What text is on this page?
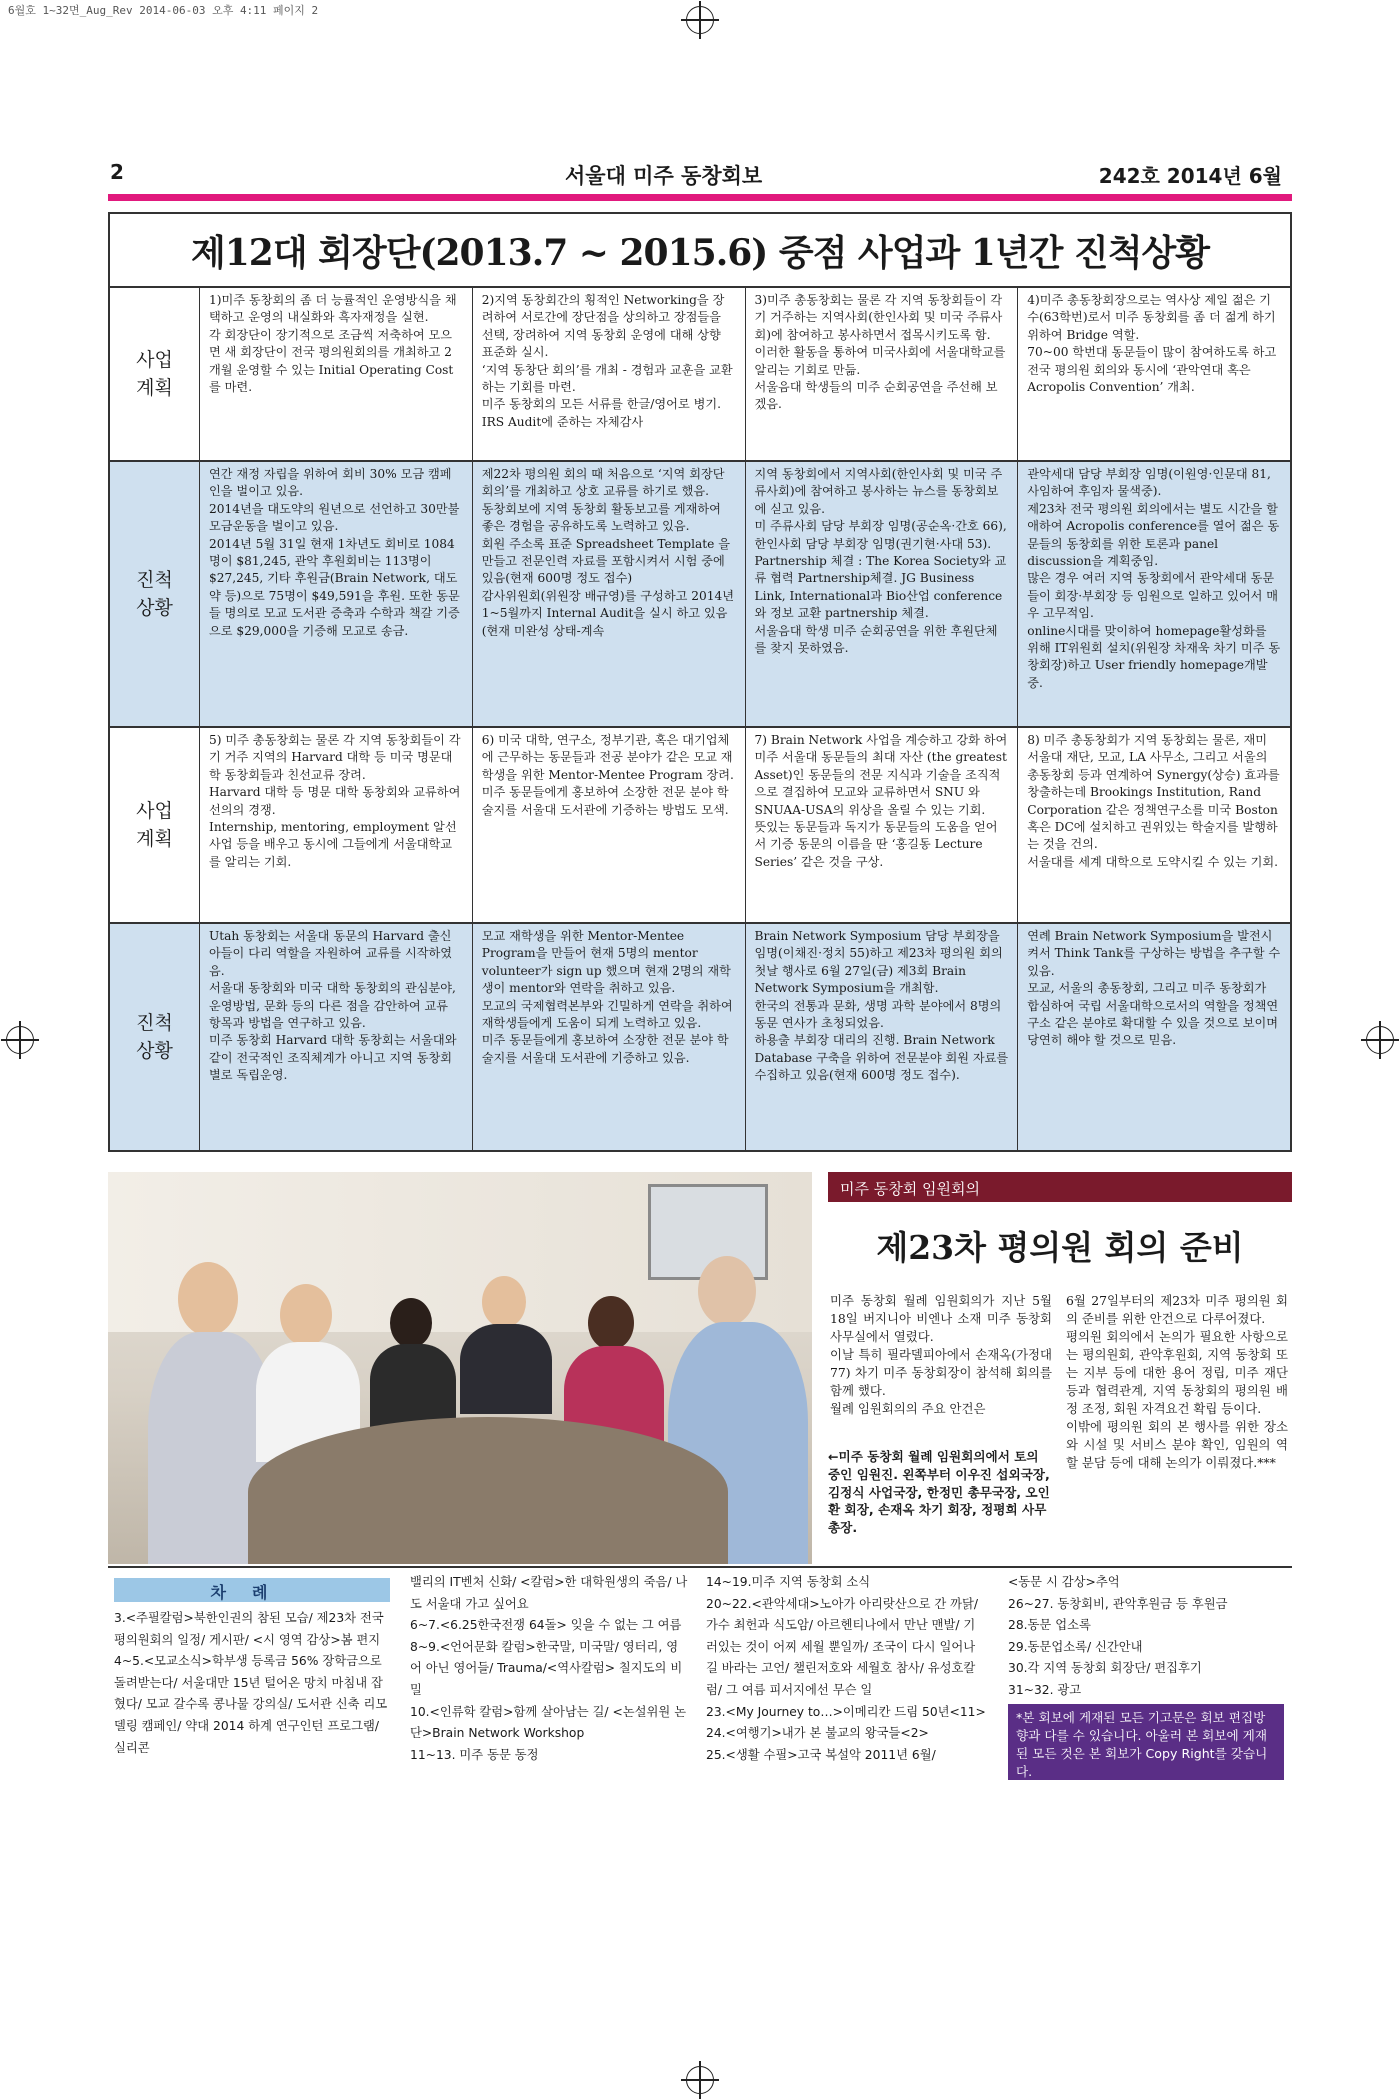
6월호 1~32면_Aug_Rev 2014-06-03 오후 4:11 페이지 2
2	서울대 미주 동창회보	242호 2014년 6월
제12대 회장단(2013.7 ~ 2015.6) 중점 사업과 1년간 진척상황
사업
계획
1)미주 동창회의 좀 더 능률적인 운영방식을 채택하고 운영의 내실화와 흑자재정을 실현.
각 회장단이 장기적으로 조금씩 저축하여 모으면 새 회장단이 전국 평의원회의를 개최하고 2개월 운영할 수 있는 Initial Operating Cost를 마련.
2)지역 동창회간의 횡적인 Networking을 장려하여 서로간에 장단점을 상의하고 장점들을 선택, 장려하여 지역 동창회 운영에 대해 상향 표준화 실시.
‘지역 동창단 회의’를 개최 - 경험과 교훈을 교환하는 기회를 마련.
미주 동창회의 모든 서류를 한글/영어로 병기. IRS Audit에 준하는 자체감사
3)미주 총동창회는 물론 각 지역 동창회들이 각기 거주하는 지역사회(한인사회 및 미국 주류사회)에 참여하고 봉사하면서 접목시키도록 함.
이러한 활동을 통하여 미국사회에 서울대학교를 알리는 기회로 만듦.
서울음대 학생들의 미주 순회공연을 주선해 보겠음.
4)미주 총동창회장으로는 역사상 제일 젊은 기수(63학번)로서 미주 동창회를 좀 더 젊게 하기 위하여 Bridge 역할.
70~00 학번대 동문들이 많이 참여하도록 하고 전국 평의원 회의와 동시에 ‘관악연대 혹은 Acropolis Convention’ 개최.
진척
상황
연간 재정 자립을 위하여 회비 30% 모금 캠페인을 벌이고 있음.
2014년을 대도약의 원년으로 선언하고 30만불 모금운동을 벌이고 있음.
2014년 5월 31일 현재 1차년도 회비로 1084명이 $81,245, 관악 후원회비는 113명이 $27,245, 기타 후원금(Brain Network, 대도약 등)으로 75명이 $49,591을 후원. 또한 동문들 명의로 모교 도서관 증축과 수학과 책갈 기증으로 $29,000을 기증해 모교로 송금.
제22차 평의원 회의 때 처음으로 ‘지역 회장단 회의’를 개최하고 상호 교류를 하기로 했음.
동창회보에 지역 동창회 활동보고를 게재하여 좋은 경험을 공유하도록 노력하고 있음.
회원 주소록 표준 Spreadsheet Template 을 만들고 전문인력 자료를 포함시켜서 시험 중에 있음(현재 600명 정도 접수)
감사위원회(위원장 배규영)를 구성하고 2014년 1~5월까지 Internal Audit을 실시 하고 있음(현재 미완성 상태-계속
지역 동창회에서 지역사회(한인사회 및 미국 주류사회)에 참여하고 봉사하는 뉴스를 동창회보에 싣고 있음.
미 주류사회 담당 부회장 임명(공순옥·간호 66), 한인사회 담당 부회장 임명(권기현·사대 53).
Partnership 체결 : The Korea Society와 교류 협력 Partnership체결. JG Business Link, International과 Bio산업 conference와 정보 교환 partnership 체결.
서울음대 학생 미주 순회공연을 위한 후원단체를 찾지 못하였음.
관악세대 담당 부회장 임명(이원영·인문대 81, 사임하여 후임자 물색중).
제23차 전국 평의원 회의에서는 별도 시간을 할애하여 Acropolis conference를 열어 젊은 동문들의 동창회를 위한 토론과 panel discussion을 계획중임.
많은 경우 여러 지역 동창회에서 관악세대 동문들이 회장·부회장 등 임원으로 일하고 있어서 매우 고무적임.
online시대를 맞이하여 homepage활성화를 위해 IT위원회 설치(위원장 차재욱 차기 미주 동창회장)하고 User friendly homepage개발중.
사업
계획
5) 미주 총동창회는 물론 각 지역 동창회들이 각기 거주 지역의 Harvard 대학 등 미국 명문대학 동창회들과 친선교류 장려.
Harvard 대학 등 명문 대학 동창회와 교류하여 선의의 경쟁.
Internship, mentoring, employment 알선 사업 등을 배우고 동시에 그들에게 서울대학교를 알리는 기회.
6) 미국 대학, 연구소, 정부기관, 혹은 대기업체에 근무하는 동문들과 전공 분야가 같은 모교 재학생을 위한 Mentor-Mentee Program 장려.
미주 동문들에게 홍보하여 소장한 전문 분야 학술지를 서울대 도서관에 기증하는 방법도 모색.
7) Brain Network 사업을 계승하고 강화 하여 미주 서울대 동문들의 최대 자산 (the greatest Asset)인 동문들의 전문 지식과 기술을 조직적으로 결집하여 모교와 교류하면서 SNU 와 SNUAA-USA의 위상을 올릴 수 있는 기회.
뜻있는 동문들과 독지가 동문들의 도움을 얻어서 기증 동문의 이름을 딴 ‘홍길동 Lecture Series’ 같은 것을 구상.
8) 미주 총동창회가 지역 동창회는 물론, 재미 서울대 재단, 모교, LA 사무소, 그리고 서울의 총동창회 등과 연계하여 Synergy(상승) 효과를 창출하는데 Brookings Institution, Rand Corporation 같은 정책연구소를 미국 Boston 혹은 DC에 설치하고 권위있는 학술지를 발행하는 것을 건의.
서울대를 세계 대학으로 도약시킬 수 있는 기회.
진척
상황
Utah 동창회는 서울대 동문의 Harvard 출신 아들이 다리 역할을 자원하여 교류를 시작하였음.
서울대 동창회와 미국 대학 동창회의 관심분야, 운영방법, 문화 등의 다른 점을 감안하여 교류 항목과 방법을 연구하고 있음.
미주 동창회 Harvard 대학 동창회는 서울대와 같이 전국적인 조직체계가 아니고 지역 동창회 별로 독립운영.
모교 재학생을 위한 Mentor-Mentee Program을 만들어 현재 5명의 mentor volunteer가 sign up 했으며 현재 2명의 재학생이 mentor와 연락을 취하고 있음.
모교의 국제협력본부와 긴밀하게 연락을 취하여 재학생들에게 도움이 되게 노력하고 있음.
미주 동문들에게 홍보하여 소장한 전문 분야 학술지를 서울대 도서관에 기증하고 있음.
Brain Network Symposium 담당 부회장을 임명(이채진·정치 55)하고 제23차 평의원 회의 첫날 행사로 6월 27일(금) 제3회 Brain Network Symposium을 개최함.
한국의 전통과 문화, 생명 과학 분야에서 8명의 동문 연사가 초청되었음.
하용출 부회장 대리의 진행. Brain Network Database 구축을 위하여 전문분야 회원 자료를 수집하고 있음(현재 600명 정도 접수).
연례 Brain Network Symposium을 발전시켜서 Think Tank를 구상하는 방법을 추구할 수 있음.
모교, 서울의 총동창회, 그리고 미주 동창회가 합심하여 국립 서울대학으로서의 역할을 정책연구소 같은 분야로 확대할 수 있을 것으로 보이며 당연히 해야 할 것으로 믿음.
미주 동창회 임원회의
제23차 평의원 회의 준비
미주 동창회 월례 임원회의가 지난 5월 18일 버지니아 비엔나 소재 미주 동창회 사무실에서 열렸다.
이날 특히 필라델피아에서 손재옥(가정대 77) 차기 미주 동창회장이 참석해 회의를 함께 했다.
월례 임원회의의 주요 안건은
6월 27일부터의 제23차 미주 평의원 회의 준비를 위한 안건으로 다루어졌다.
평의원 회의에서 논의가 필요한 사항으로는 평의원회, 관악후원회, 지역 동창회 또는 지부 등에 대한 용어 정립, 미주 재단 등과 협력관계, 지역 동창회의 평의원 배정 조정, 회원 자격요건 확립 등이다.
이밖에 평의원 회의 본 행사를 위한 장소와 시설 및 서비스 분야 확인, 임원의 역할 분담 등에 대해 논의가 이뤄졌다.***
←미주 동창회 월례 임원회의에서 토의 중인 임원진. 왼쪽부터 이우진 섭외국장, 김정식 사업국장, 한정민 총무국장, 오인환 회장, 손재옥 차기 회장, 정평희 사무총장.
차례
3.<주필칼럼>북한인권의 참된 모습/ 제23차 전국 평의원회의 일정/ 게시판/ <시 영역 감상>봄 편지
4~5.<모교소식>학부생 등록금 56% 장학금으로 돌려받는다/ 서울대만 15년 털어온 망치 마침내 잡혔다/ 모교 갈수록 콩나물 강의실/ 도서관 신축 리모델링 캠페인/ 약대 2014 하계 연구인턴 프로그램/ 실리콘
밸리의 IT벤처 신화/ <칼럼>한 대학원생의 죽음/ 나도 서울대 가고 싶어요
6~7.<6.25한국전쟁 64돌> 잊을 수 없는 그 여름
8~9.<언어문화 칼럼>한국말, 미국말/ 영터리, 영어 아닌 영어들/ Trauma/<역사칼럼> 칠지도의 비밀
10.<인류학 칼럼>함께 살아남는 길/ <논설위원 논단>Brain Network Workshop
11~13. 미주 동문 동정
14~19.미주 지역 동창회 소식
20~22.<관악세대>노아가 아리랏산으로 간 까닭/ 가수 최헌과 식도암/ 아르헨티나에서 만난 맨발/ 기러있는 것이 어찌 세월 뿐일까/ 조국이 다시 일어나길 바라는 고언/ 챌린저호와 세월호 참사/ 유성호칼럼/ 그 여름 피서지에선 무슨 일
23.<My Journey to…>이메리칸 드림 50년<11>
24.<여행기>내가 본 불교의 왕국들<2>
25.<생활 수필>고국 복설악 2011년 6월/
<동문 시 감상>추억
26~27. 동창회비, 관악후원금 등 후원금
28.동문 업소록
29.동문업소록/ 신간안내
30.각 지역 동창회 회장단/ 편집후기
31~32. 광고
*본 회보에 게재된 모든 기고문은 회보 편집방향과 다를 수 있습니다. 아울러 본 회보에 게재된 모든 것은 본 회보가 Copy Right를 갖습니다.
